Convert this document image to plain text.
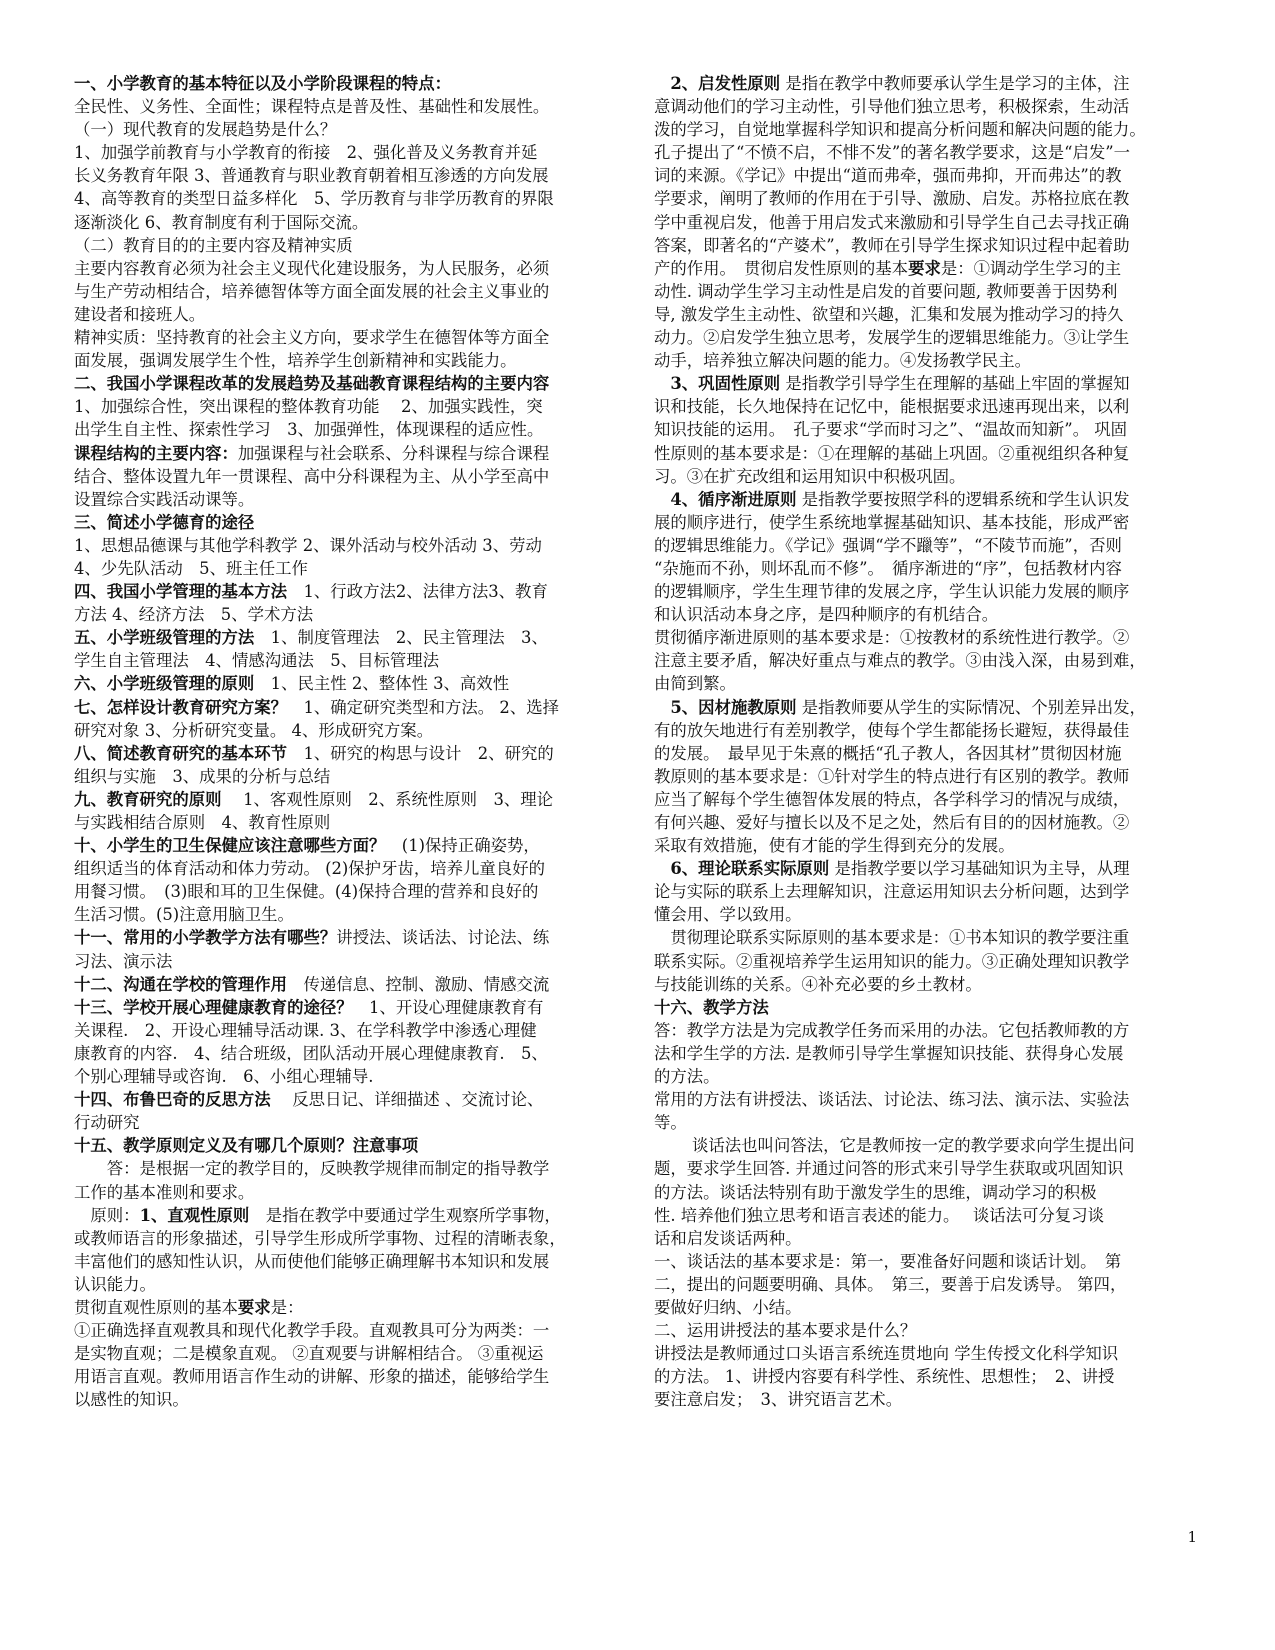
一、小学教育的基本特征以及小学阶段课程的特点：

全民性、义务性、全面性；课程特点是普及性、基础性和发展性。

（一）现代教育的发展趋势是什么？

1、加强学前教育与小学教育的衔接　2、强化普及义务教育并延

长义务教育年限 3、普通教育与职业教育朝着相互渗透的方向发展

4、高等教育的类型日益多样化　5、学历教育与非学历教育的界限

逐渐淡化 6、教育制度有利于国际交流。

（二）教育目的的主要内容及精神实质

主要内容教育必须为社会主义现代化建设服务，为人民服务，必须

与生产劳动相结合，培养德智体等方面全面发展的社会主义事业的

建设者和接班人。

精神实质：坚持教育的社会主义方向，要求学生在德智体等方面全

面发展，强调发展学生个性，培养学生创新精神和实践能力。

二、我国小学课程改革的发展趋势及基础教育课程结构的主要内容

1、加强综合性，突出课程的整体教育功能　 2、加强实践性，突

出学生自主性、探索性学习　3、加强弹性，体现课程的适应性。

课程结构的主要内容：加强课程与社会联系、分科课程与综合课程

结合、整体设置九年一贯课程、高中分科课程为主、从小学至高中

设置综合实践活动课等。

三、简述小学德育的途径

1、思想品德课与其他学科教学 2、课外活动与校外活动 3、劳动

4、少先队活动　5、班主任工作

四、我国小学管理的基本方法　1、行政方法2、法律方法3、教育

方法 4、经济方法　5、学术方法

五、小学班级管理的方法　1、制度管理法　2、民主管理法　3、

学生自主管理法　4、情感沟通法　5、目标管理法

六、小学班级管理的原则　1、民主性 2、整体性 3、高效性

七、怎样设计教育研究方案？　1、确定研究类型和方法。 2、选择

研究对象 3、分析研究变量。 4、形成研究方案。

八、简述教育研究的基本环节　1、研究的构思与设计　2、研究的

组织与实施　3、成果的分析与总结

九、教育研究的原则　 1、客观性原则　2、系统性原则　3、理论

与实践相结合原则　4、教育性原则

十、小学生的卫生保健应该注意哪些方面？　(1)保持正确姿势，

组织适当的体育活动和体力劳动。 (2)保护牙齿，培养儿童良好的

用餐习惯。　(3)眼和耳的卫生保健。(4)保持合理的营养和良好的

生活习惯。(5)注意用脑卫生。

十一、常用的小学教学方法有哪些？讲授法、谈话法、讨论法、练

习法、演示法

十二、沟通在学校的管理作用　传递信息、控制、激励、情感交流

十三、学校开展心理健康教育的途径？　1、开设心理健康教育有

关课程.　2、开设心理辅导活动课. 3、在学科教学中渗透心理健

康教育的内容.　4、结合班级，团队活动开展心理健康教育.　5、

个别心理辅导或咨询.　6、小组心理辅导.

十四、布鲁巴奇的反思方法　 反思日记、详细描述 、交流讨论、

行动研究

十五、教学原则定义及有哪几个原则？注意事项

　　答：是根据一定的教学目的，反映教学规律而制定的指导教学

工作的基本准则和要求。

　原则：1、直观性原则　是指在教学中要通过学生观察所学事物，

或教师语言的形象描述，引导学生形成所学事物、过程的清晰表象，

丰富他们的感知性认识，从而使他们能够正确理解书本知识和发展

认识能力。

贯彻直观性原则的基本要求是：

①正确选择直观教具和现代化教学手段。直观教具可分为两类：一

是实物直观；二是模象直观。 ②直观要与讲解相结合。 ③重视运

用语言直观。教师用语言作生动的讲解、形象的描述，能够给学生

以感性的知识。

　2、启发性原则 是指在教学中教师要承认学生是学习的主体，注

意调动他们的学习主动性，引导他们独立思考，积极探索，生动活

泼的学习，自觉地掌握科学知识和提高分析问题和解决问题的能力。

孔子提出了“不愤不启，不悱不发”的著名教学要求，这是“启发”一

词的来源。《学记》中提出“道而弗牵，强而弗抑，开而弗达”的教

学要求，阐明了教师的作用在于引导、激励、启发。苏格拉底在教

学中重视启发，他善于用启发式来激励和引导学生自己去寻找正确

答案，即著名的“产婆术”，教师在引导学生探求知识过程中起着助

产的作用。　贯彻启发性原则的基本要求是：①调动学生学习的主

动性. 调动学生学习主动性是启发的首要问题, 教师要善于因势利

导, 激发学生主动性、欲望和兴趣，汇集和发展为推动学习的持久

动力。②启发学生独立思考，发展学生的逻辑思维能力。③让学生

动手，培养独立解决问题的能力。④发扬教学民主。

　3、巩固性原则 是指教学引导学生在理解的基础上牢固的掌握知

识和技能，长久地保持在记忆中，能根据要求迅速再现出来，以利

知识技能的运用。　孔子要求“学而时习之”、“温故而知新”。 巩固

性原则的基本要求是：①在理解的基础上巩固。②重视组织各种复

习。③在扩充改组和运用知识中积极巩固。

　4、循序渐进原则 是指教学要按照学科的逻辑系统和学生认识发

展的顺序进行，使学生系统地掌握基础知识、基本技能，形成严密

的逻辑思维能力。《学记》强调“学不躐等”，“不陵节而施”，否则

“杂施而不孙，则坏乱而不修”。　循序渐进的“序”，包括教材内容

的逻辑顺序，学生生理节律的发展之序，学生认识能力发展的顺序

和认识活动本身之序，是四种顺序的有机结合。

贯彻循序渐进原则的基本要求是：①按教材的系统性进行教学。②

注意主要矛盾，解决好重点与难点的教学。③由浅入深，由易到难，

由简到繁。

　5、因材施教原则 是指教师要从学生的实际情况、个别差异出发，

有的放矢地进行有差别教学，使每个学生都能扬长避短，获得最佳

的发展。　最早见于朱熹的概括“孔子教人，各因其材”贯彻因材施

教原则的基本要求是：①针对学生的特点进行有区别的教学。教师

应当了解每个学生德智体发展的特点，各学科学习的情况与成绩，

有何兴趣、爱好与擅长以及不足之处，然后有目的的因材施教。②

采取有效措施，使有才能的学生得到充分的发展。

　6、理论联系实际原则 是指教学要以学习基础知识为主导，从理

论与实际的联系上去理解知识，注意运用知识去分析问题，达到学

懂会用、学以致用。

　贯彻理论联系实际原则的基本要求是：①书本知识的教学要注重

联系实际。②重视培养学生运用知识的能力。③正确处理知识教学

与技能训练的关系。④补充必要的乡土教材。

十六、教学方法

答：教学方法是为完成教学任务而采用的办法。它包括教师教的方

法和学生学的方法. 是教师引导学生掌握知识技能、获得身心发展

的方法。

常用的方法有讲授法、谈话法、讨论法、练习法、演示法、实验法

等。

　　 谈话法也叫问答法，它是教师按一定的教学要求向学生提出问

题，要求学生回答. 并通过问答的形式来引导学生获取或巩固知识

的方法。谈话法特别有助于激发学生的思维，调动学习的积极

性. 培养他们独立思考和语言表述的能力。　 谈话法可分复习谈

话和启发谈话两种。

一、谈话法的基本要求是：第一，要准备好问题和谈话计划。　第

二，提出的问题要明确、具体。　第三，要善于启发诱导。 第四，

要做好归纳、小结。

二、运用讲授法的基本要求是什么？

讲授法是教师通过口头语言系统连贯地向 学生传授文化科学知识

的方法。 1、讲授内容要有科学性、系统性、思想性；　2、讲授

要注意启发；　3、讲究语言艺术。

1
